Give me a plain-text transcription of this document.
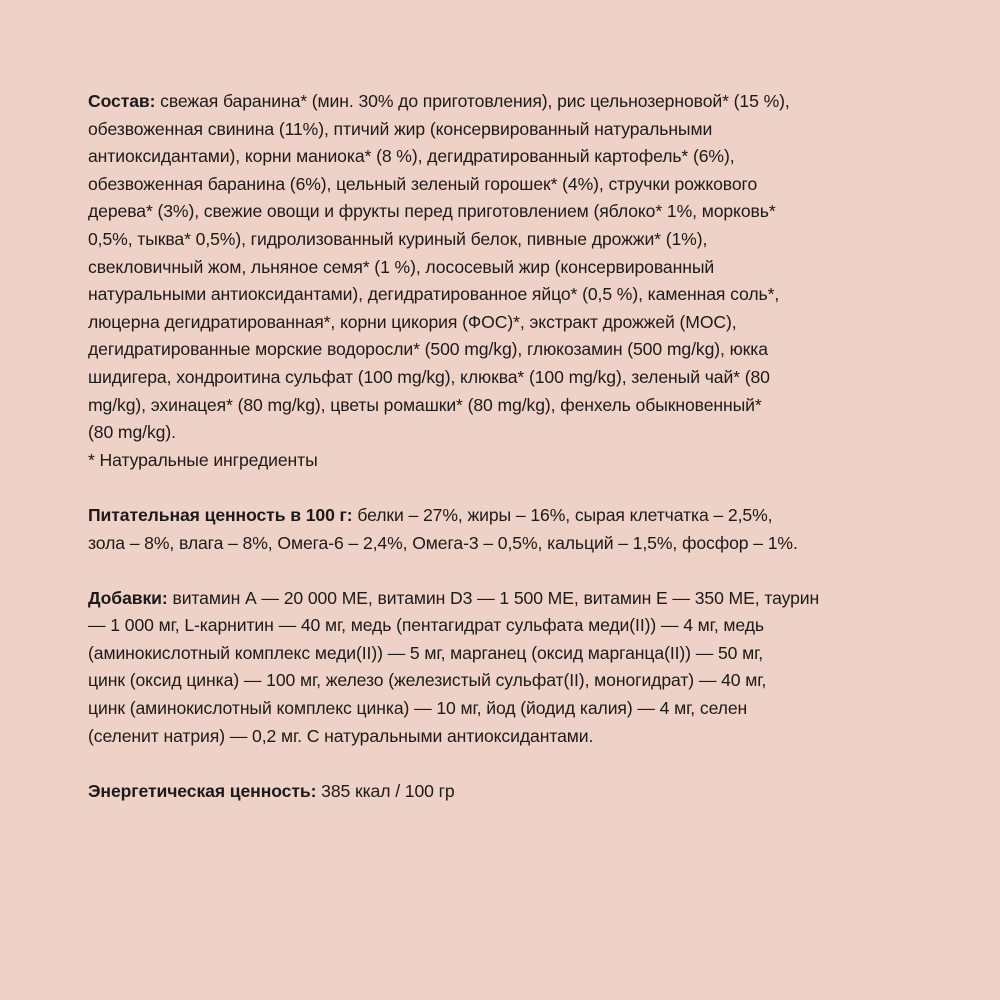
Состав: свежая баранина* (мин. 30% до приготовления), рис цельнозерновой* (15 %),
обезвоженная свинина (11%), птичий жир (консервированный натуральными
антиоксидантами), корни маниока* (8 %), дегидратированный картофель* (6%),
обезвоженная баранина (6%), цельный зеленый горошек* (4%), стручки рожкового
дерева* (3%), свежие овощи и фрукты перед приготовлением (яблоко* 1%, морковь*
0,5%, тыква* 0,5%), гидролизованный куриный белок, пивные дрожжи* (1%),
свекловичный жом, льняное семя* (1 %), лососевый жир (консервированный
натуральными антиоксидантами), дегидратированное яйцо* (0,5 %), каменная соль*,
люцерна дегидратированная*, корни цикория (ФОС)*, экстракт дрожжей (МОС),
дегидратированные морские водоросли* (500 mg/kg), глюкозамин (500 mg/kg), юкка
шидигера, хондроитина сульфат (100 mg/kg), клюква* (100 mg/kg), зеленый чай* (80
mg/kg), эхинацея* (80 mg/kg), цветы ромашки* (80 mg/kg), фенхель обыкновенный*
(80 mg/kg).
* Натуральные ингредиенты
Питательная ценность в 100 г: белки – 27%, жиры – 16%, сырая клетчатка – 2,5%,
зола – 8%, влага – 8%, Омега-6 – 2,4%, Омега-3 – 0,5%, кальций – 1,5%, фосфор – 1%.
Добавки: витамин А — 20 000 МЕ, витамин D3 — 1 500 МЕ, витамин Е — 350 МЕ, таурин
— 1 000 мг, L-карнитин — 40 мг, медь (пентагидрат сульфата меди(II)) — 4 мг, медь
(аминокислотный комплекс меди(II)) — 5 мг, марганец (оксид марганца(II)) — 50 мг,
цинк (оксид цинка) — 100 мг, железо (железистый сульфат(II), моногидрат) — 40 мг,
цинк (аминокислотный комплекс цинка) — 10 мг, йод (йодид калия) — 4 мг, селен
(селенит натрия) — 0,2 мг. С натуральными антиоксидантами.
Энергетическая ценность: 385 ккал / 100 гр
